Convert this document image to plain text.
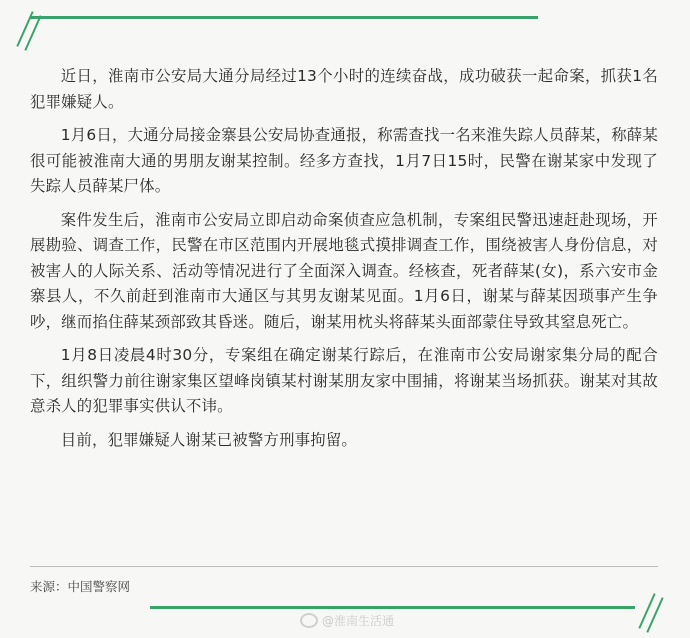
近日，淮南市公安局大通分局经过13个小时的连续奋战，成功破获一起命案，抓获1名犯罪嫌疑人。

1月6日，大通分局接金寨县公安局协查通报，称需查找一名来淮失踪人员薛某，称薛某很可能被淮南大通的男朋友谢某控制。经多方查找，1月7日15时，民警在谢某家中发现了失踪人员薛某尸体。

案件发生后，淮南市公安局立即启动命案侦查应急机制，专案组民警迅速赶赴现场，开展勘验、调查工作，民警在市区范围内开展地毯式摸排调查工作，围绕被害人身份信息，对被害人的人际关系、活动等情况进行了全面深入调查。经核查，死者薛某(女)，系六安市金寨县人，不久前赶到淮南市大通区与其男友谢某见面。1月6日，谢某与薛某因琐事产生争吵，继而掐住薛某颈部致其昏迷。随后，谢某用枕头将薛某头面部蒙住导致其窒息死亡。

1月8日凌晨4时30分，专案组在确定谢某行踪后，在淮南市公安局谢家集分局的配合下，组织警力前往谢家集区望峰岗镇某村谢某朋友家中围捕，将谢某当场抓获。谢某对其故意杀人的犯罪事实供认不讳。

目前，犯罪嫌疑人谢某已被警方刑事拘留。

来源：中国警察网
@淮南生活通
